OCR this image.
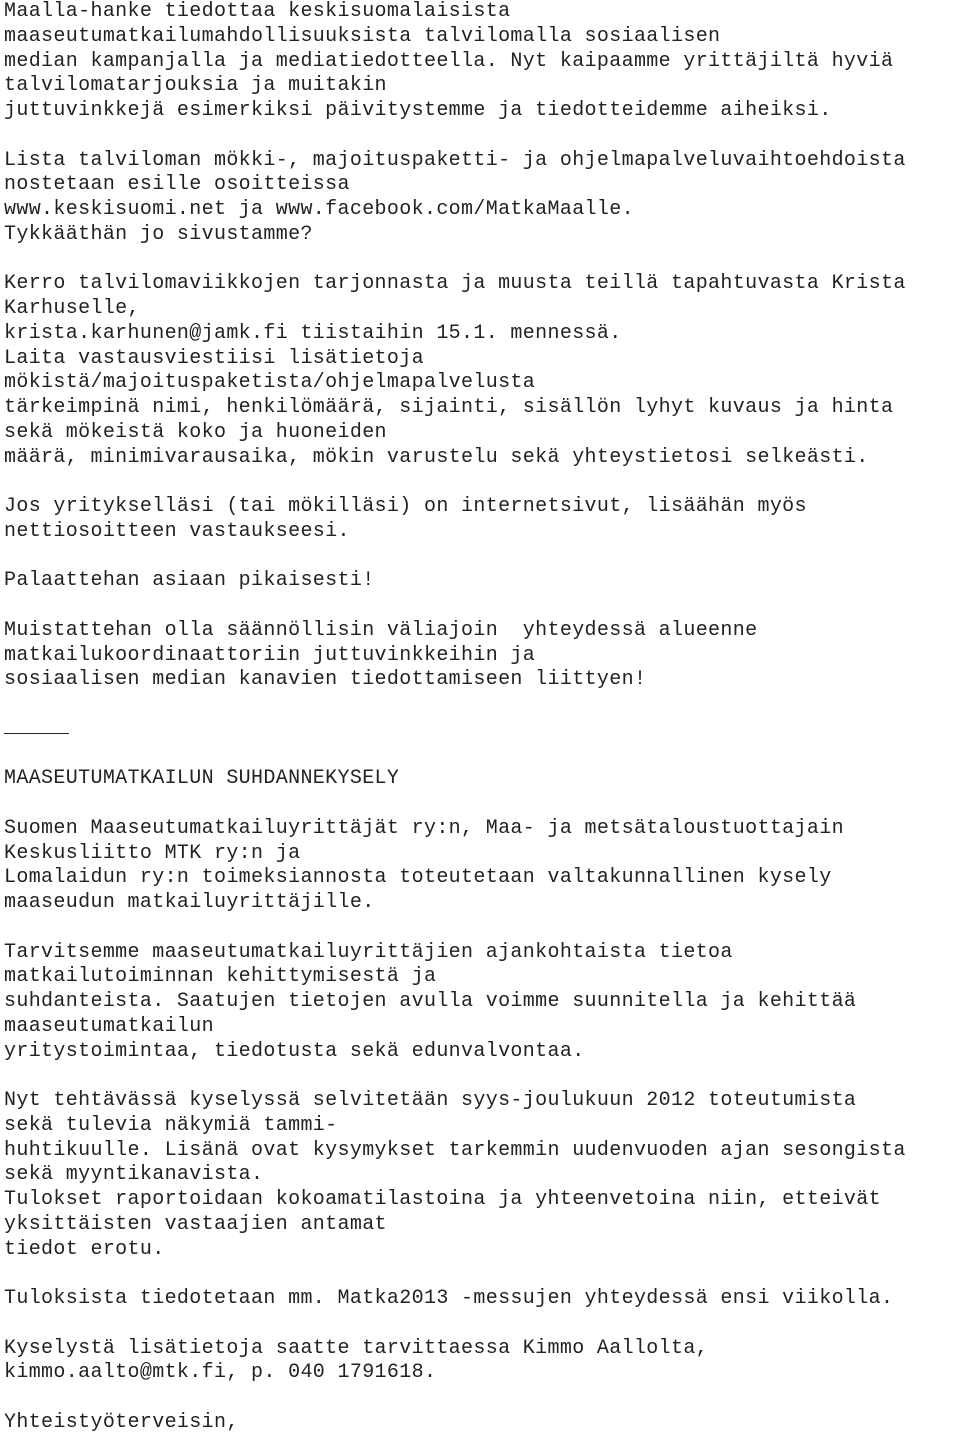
Maalla-hanke tiedottaa keskisuomalaisista
maaseutumatkailumahdollisuuksista talvilomalla sosiaalisen
median kampanjalla ja mediatiedotteella. Nyt kaipaamme yrittäjiltä hyviä
talvilomatarjouksia ja muitakin
juttuvinkkejä esimerkiksi päivitystemme ja tiedotteidemme aiheiksi.
Lista talviloman mökki-, majoituspaketti- ja ohjelmapalveluvaihtoehdoista
nostetaan esille osoitteissa
www.keskisuomi.net ja www.facebook.com/MatkaMaalle.
Tykkääthän jo sivustamme?
Kerro talvilomaviikkojen tarjonnasta ja muusta teillä tapahtuvasta Krista
Karhuselle,
krista.karhunen@jamk.fi tiistaihin 15.1. mennessä.
Laita vastausviestiisi lisätietoja
mökistä/majoituspaketista/ohjelmapalvelusta
tärkeimpinä nimi, henkilömäärä, sijainti, sisällön lyhyt kuvaus ja hinta
sekä mökeistä koko ja huoneiden
määrä, minimivarausaika, mökin varustelu sekä yhteystietosi selkeästi.
Jos yritykselläsi (tai mökilläsi) on internetsivut, lisäähän myös
nettiosoitteen vastaukseesi.
Palaattehan asiaan pikaisesti!
Muistattehan olla säännöllisin väliajoin  yhteydessä alueenne
matkailukoordinaattoriin juttuvinkkeihin ja
sosiaalisen median kanavien tiedottamiseen liittyen!
MAASEUTUMATKAILUN SUHDANNEKYSELY
Suomen Maaseutumatkailuyrittäjät ry:n, Maa- ja metsätaloustuottajain
Keskusliitto MTK ry:n ja
Lomalaidun ry:n toimeksiannosta toteutetaan valtakunnallinen kysely
maaseudun matkailuyrittäjille.
Tarvitsemme maaseutumatkailuyrittäjien ajankohtaista tietoa
matkailutoiminnan kehittymisestä ja
suhdanteista. Saatujen tietojen avulla voimme suunnitella ja kehittää
maaseutumatkailun
yritystoimintaa, tiedotusta sekä edunvalvontaa.
Nyt tehtävässä kyselyssä selvitetään syys-joulukuun 2012 toteutumista
sekä tulevia näkymiä tammi-
huhtikuulle. Lisänä ovat kysymykset tarkemmin uudenvuoden ajan sesongista
sekä myyntikanavista.
Tulokset raportoidaan kokoamatilastoina ja yhteenvetoina niin, etteivät
yksittäisten vastaajien antamat
tiedot erotu.
Tuloksista tiedotetaan mm. Matka2013 -messujen yhteydessä ensi viikolla.
Kyselystä lisätietoja saatte tarvittaessa Kimmo Aallolta,
kimmo.aalto@mtk.fi, p. 040 1791618.
Yhteistyöterveisin,
